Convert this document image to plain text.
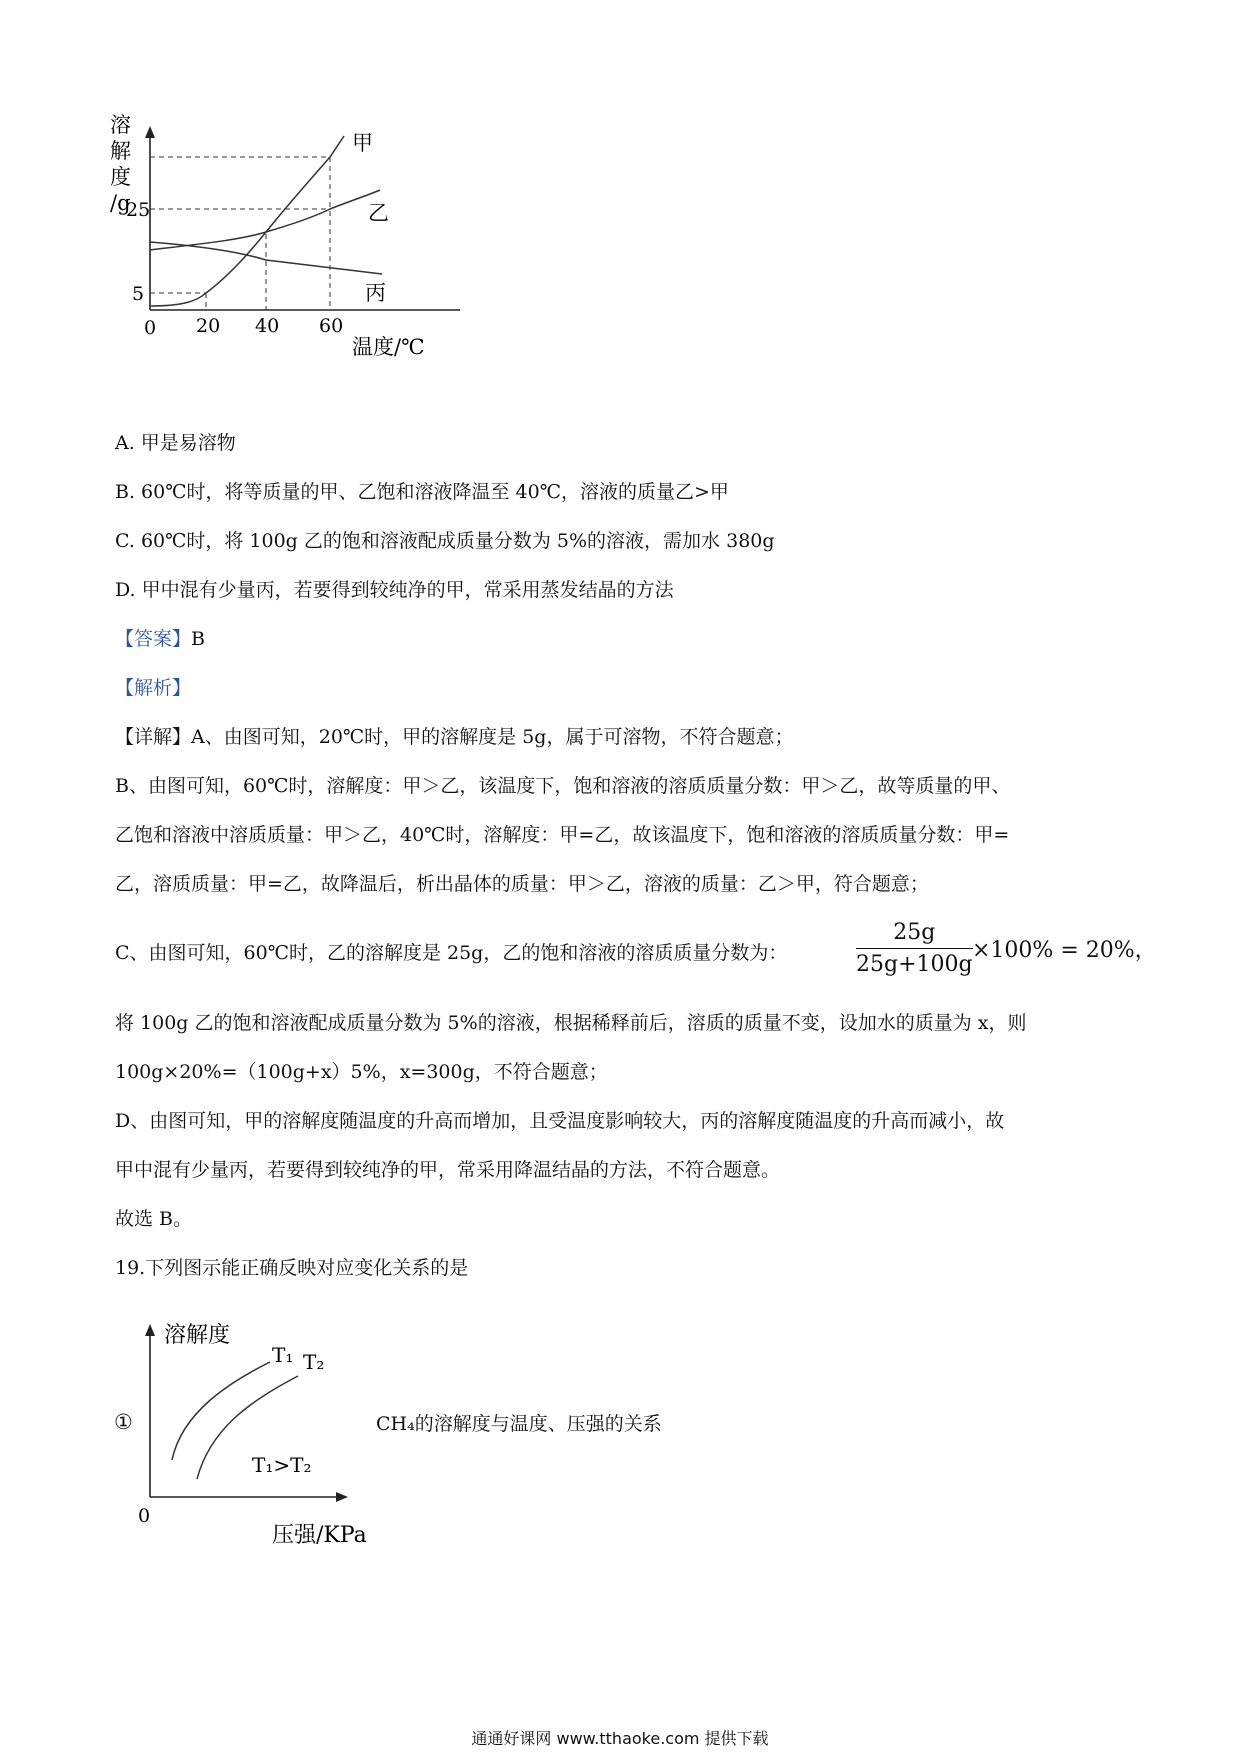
溶
解
度
/g
25
5
0 20 40 60
温度/℃
甲
乙
丙
A. 甲是易溶物
B. 60℃时，将等质量的甲、乙饱和溶液降温至 40℃，溶液的质量乙>甲
C. 60℃时，将 100g 乙的饱和溶液配成质量分数为 5%的溶液，需加水 380g
D. 甲中混有少量丙，若要得到较纯净的甲，常采用蒸发结晶的方法
【答案】B
【解析】
【详解】A、由图可知，20℃时，甲的溶解度是 5g，属于可溶物，不符合题意；
B、由图可知，60℃时，溶解度：甲＞乙，该温度下，饱和溶液的溶质质量分数：甲＞乙，故等质量的甲、
乙饱和溶液中溶质质量：甲＞乙，40℃时，溶解度：甲=乙，故该温度下，饱和溶液的溶质质量分数：甲=
乙，溶质质量：甲=乙，故降温后，析出晶体的质量：甲＞乙，溶液的质量：乙＞甲，符合题意；
C、由图可知，60℃时，乙的溶解度是 25g，乙的饱和溶液的溶质质量分数为：	$\frac{25g}{25g+100g} \times 100\% = 20\%$，
将 100g 乙的饱和溶液配成质量分数为 5%的溶液，根据稀释前后，溶质的质量不变，设加水的质量为 x，则
100g×20%=（100g+x）5%，x=300g，不符合题意；
D、由图可知，甲的溶解度随温度的升高而增加，且受温度影响较大，丙的溶解度随温度的升高而减小，故
甲中混有少量丙，若要得到较纯净的甲，常采用降温结晶的方法，不符合题意。
故选 B。
19.下列图示能正确反映对应变化关系的是
①
溶解度
T₁ T₂
T₁>T₂
0
压强/KPa
CH₄的溶解度与温度、压强的关系
通通好课网 www.tthaoke.com 提供下载
